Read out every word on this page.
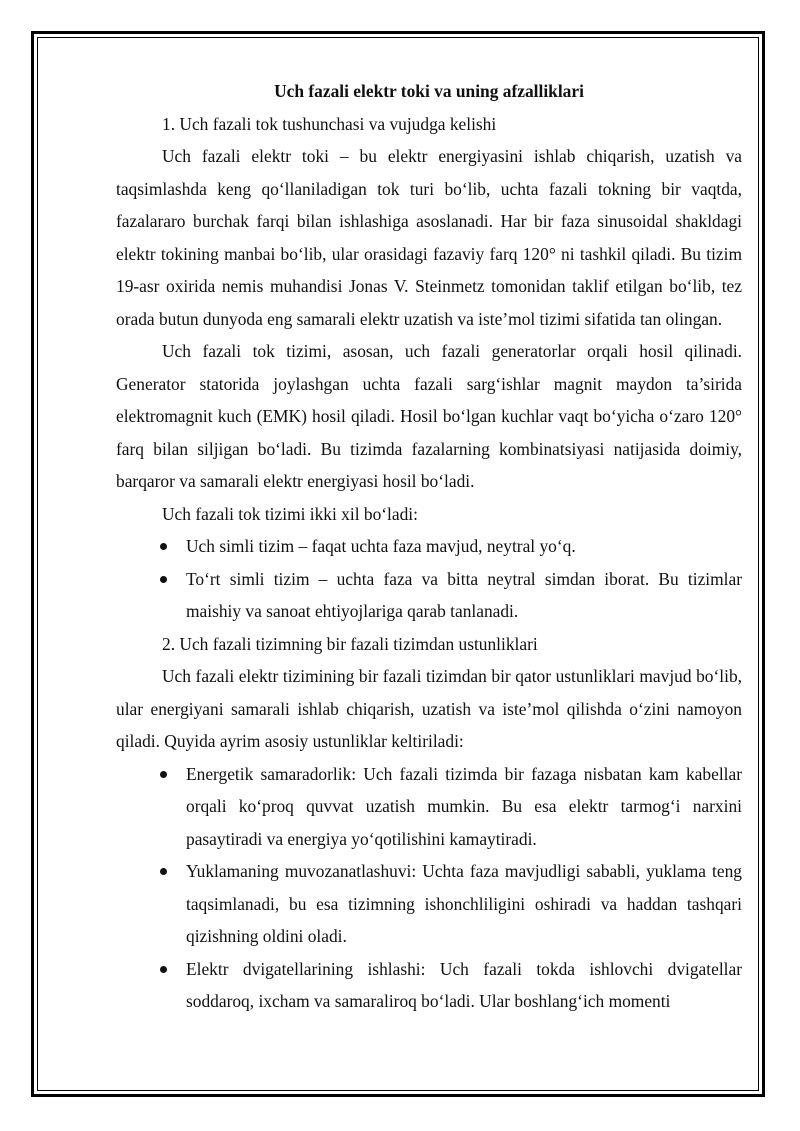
Uch fazali elektr toki va uning afzalliklari

1. Uch fazali tok tushunchasi va vujudga kelishi

Uch fazali elektr toki – bu elektr energiyasini ishlab chiqarish, uzatish va taqsimlashda keng qo‘llaniladigan tok turi bo‘lib, uchta fazali tokning bir vaqtda, fazalararo burchak farqi bilan ishlashiga asoslanadi. Har bir faza sinusoidal shakldagi elektr tokining manbai bo‘lib, ular orasidagi fazaviy farq 120° ni tashkil qiladi. Bu tizim 19-asr oxirida nemis muhandisi Jonas V. Steinmetz tomonidan taklif etilgan bo‘lib, tez orada butun dunyoda eng samarali elektr uzatish va iste’mol tizimi sifatida tan olingan.

Uch fazali tok tizimi, asosan, uch fazali generatorlar orqali hosil qilinadi. Generator statorida joylashgan uchta fazali sarg‘ishlar magnit maydon ta’sirida elektromagnit kuch (EMK) hosil qiladi. Hosil bo‘lgan kuchlar vaqt bo‘yicha o‘zaro 120° farq bilan siljigan bo‘ladi. Bu tizimda fazalarning kombinatsiyasi natijasida doimiy, barqaror va samarali elektr energiyasi hosil bo‘ladi.

Uch fazali tok tizimi ikki xil bo‘ladi:

Uch simli tizim – faqat uchta faza mavjud, neytral yo‘q.
To‘rt simli tizim – uchta faza va bitta neytral simdan iborat. Bu tizimlar maishiy va sanoat ehtiyojlariga qarab tanlanadi.

2. Uch fazali tizimning bir fazali tizimdan ustunliklari

Uch fazali elektr tizimining bir fazali tizimdan bir qator ustunliklari mavjud bo‘lib, ular energiyani samarali ishlab chiqarish, uzatish va iste’mol qilishda o‘zini namoyon qiladi. Quyida ayrim asosiy ustunliklar keltiriladi:

Energetik samaradorlik: Uch fazali tizimda bir fazaga nisbatan kam kabellar orqali ko‘proq quvvat uzatish mumkin. Bu esa elektr tarmog‘i narxini pasaytiradi va energiya yo‘qotilishini kamaytiradi.
Yuklamaning muvozanatlashuvi: Uchta faza mavjudligi sababli, yuklama teng taqsimlanadi, bu esa tizimning ishonchliligini oshiradi va haddan tashqari qizishning oldini oladi.
Elektr dvigatellarining ishlashi: Uch fazali tokda ishlovchi dvigatellar soddaroq, ixcham va samaraliroq bo‘ladi. Ular boshlang‘ich momenti
